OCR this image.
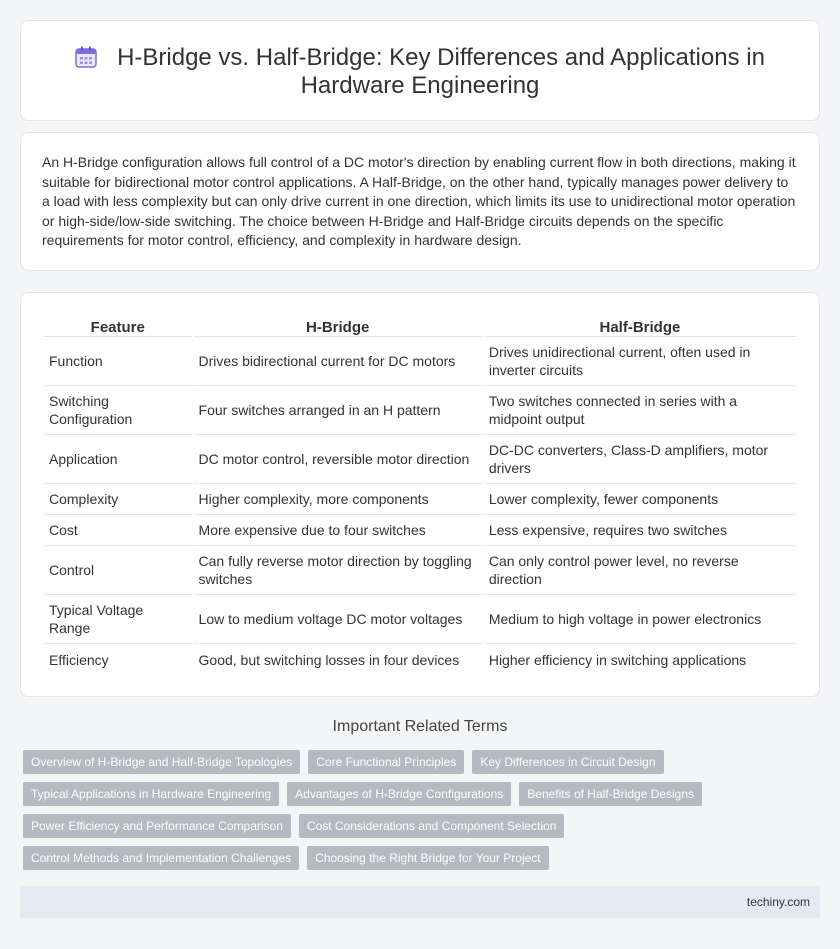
H-Bridge vs. Half-Bridge: Key Differences and Applications in Hardware Engineering

An H-Bridge configuration allows full control of a DC motor's direction by enabling current flow in both directions, making it suitable for bidirectional motor control applications. A Half-Bridge, on the other hand, typically manages power delivery to a load with less complexity but can only drive current in one direction, which limits its use to unidirectional motor operation or high-side/low-side switching. The choice between H-Bridge and Half-Bridge circuits depends on the specific requirements for motor control, efficiency, and complexity in hardware design.

Feature	H-Bridge	Half-Bridge
Function	Drives bidirectional current for DC motors	Drives unidirectional current, often used in inverter circuits
Switching Configuration	Four switches arranged in an H pattern	Two switches connected in series with a midpoint output
Application	DC motor control, reversible motor direction	DC-DC converters, Class-D amplifiers, motor drivers
Complexity	Higher complexity, more components	Lower complexity, fewer components
Cost	More expensive due to four switches	Less expensive, requires two switches
Control	Can fully reverse motor direction by toggling switches	Can only control power level, no reverse direction
Typical Voltage Range	Low to medium voltage DC motor voltages	Medium to high voltage in power electronics
Efficiency	Good, but switching losses in four devices	Higher efficiency in switching applications
Important Related Terms
Overview of H-Bridge and Half-Bridge Topologies	Core Functional Principles	Key Differences in Circuit Design
Typical Applications in Hardware Engineering	Advantages of H-Bridge Configurations	Benefits of Half-Bridge Designs
Power Efficiency and Performance Comparison	Cost Considerations and Component Selection
Control Methods and Implementation Challenges	Choosing the Right Bridge for Your Project
techiny.com
